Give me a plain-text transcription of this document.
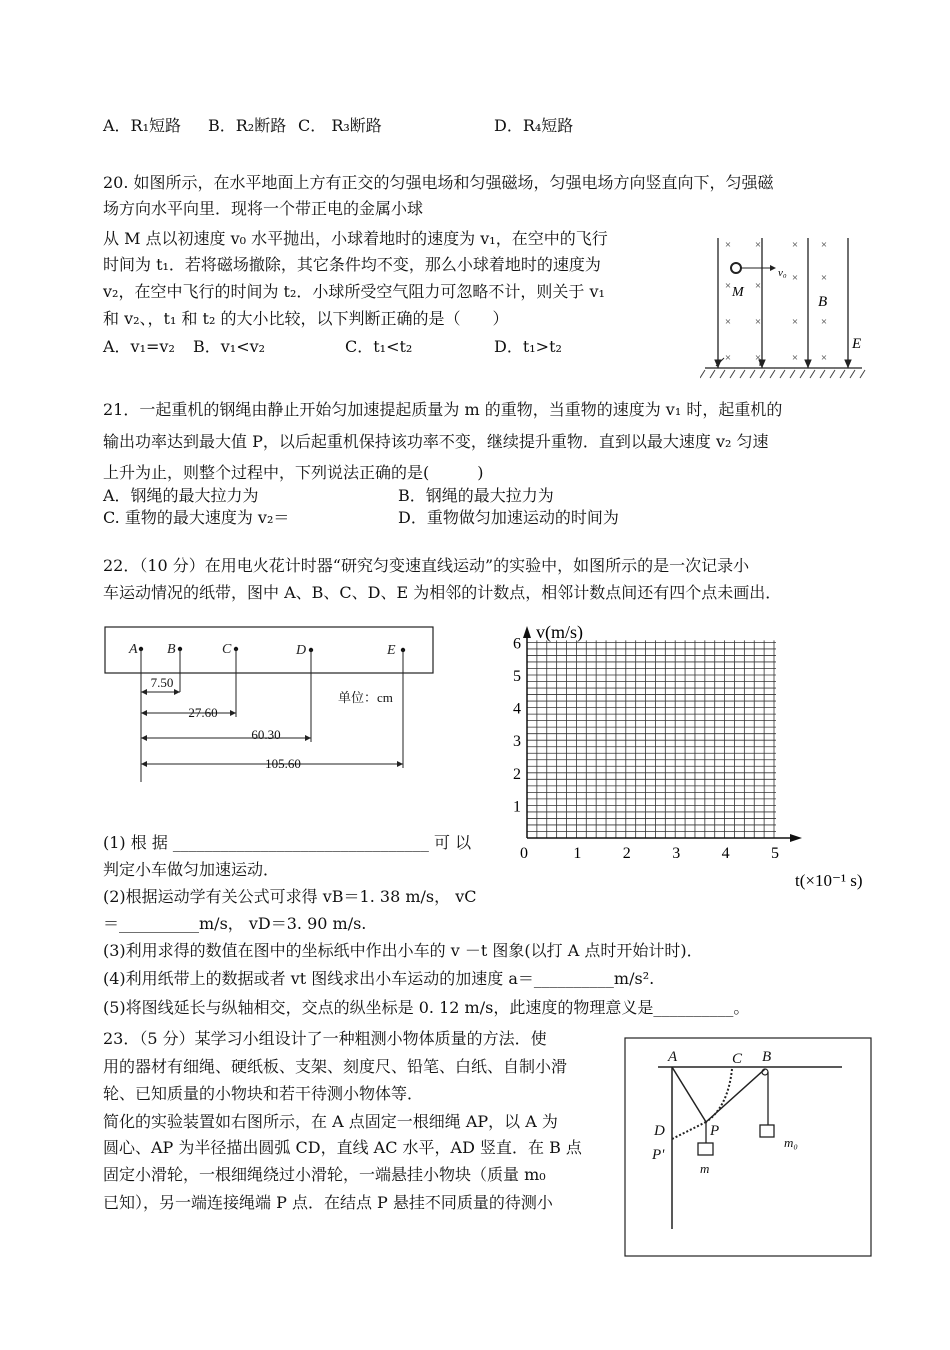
A．R₁短路 B．R₂断路 C． R₃断路	D．R₄短路
20. 如图所示，在水平地面上方有正交的匀强电场和匀强磁场，匀强电场方向竖直向下，匀强磁
场方向水平向里．现将一个带正电的金属小球
从 M 点以初速度 v₀ 水平抛出，小球着地时的速度为 v₁，在空中的飞行
时间为 t₁．若将磁场撤除，其它条件均不变，那么小球着地时的速度为
v₂，在空中飞行的时间为 t₂．小球所受空气阻力可忽略不计，则关于 v₁
和 v₂、，t₁ 和 t₂ 的大小比较，以下判断正确的是（　　）
A．v₁=v₂ B．v₁<v₂	C．t₁<t₂	D．t₁>t₂
× ×	× ×
× ×
× ×
× ×	× ×
× ×	× ×
M
v₀
B
E
21．一起重机的钢绳由静止开始匀加速提起质量为 m 的重物，当重物的速度为 v₁ 时，起重机的
输出功率达到最大值 P，以后起重机保持该功率不变，继续提升重物．直到以最大速度 v₂ 匀速
上升为止，则整个过程中，下列说法正确的是(　　　)
A．钢绳的最大拉力为	B．钢绳的最大拉力为
C. 重物的最大速度为 v₂＝	D．重物做匀加速运动的时间为
22．（10 分）在用电火花计时器“研究匀变速直线运动”的实验中，如图所示的是一次记录小
车运动情况的纸带，图中 A、B、C、D、E 为相邻的计数点，相邻计数点间还有四个点未画出．
A B	C	D	E
7.50
27.60
60.30
105.60
单位：cm
0	1	2	3	4	5
1
2
3
4
5
6
v(m/s)
t(×10⁻¹ s)
(1) 根 据 ________________________________ 可 以
判定小车做匀加速运动．
(2)根据运动学有关公式可求得 vB＝1. 38 m/s， vC
＝__________m/s， vD＝3. 90 m/s.
(3)利用求得的数值在图中的坐标纸中作出小车的 v －t 图象(以打 A 点时开始计时)．
(4)利用纸带上的数据或者 vt 图线求出小车运动的加速度 a＝__________m/s².
(5)将图线延长与纵轴相交，交点的纵坐标是 0. 12 m/s，此速度的物理意义是__________。
23．（5 分）某学习小组设计了一种粗测小物体质量的方法．使
用的器材有细绳、硬纸板、支架、刻度尺、铅笔、白纸、自制小滑
轮、已知质量的小物块和若干待测小物体等．
简化的实验装置如右图所示，在 A 点固定一根细绳 AP，以 A 为
圆心、AP 为半径描出圆弧 CD，直线 AC 水平，AD 竖直．在 B 点
固定小滑轮，一根细绳绕过小滑轮，一端悬挂小物块（质量 m₀
已知），另一端连接绳端 P 点．在结点 P 悬挂不同质量的待测小
A	C B
D	P
P'
m
m₀
